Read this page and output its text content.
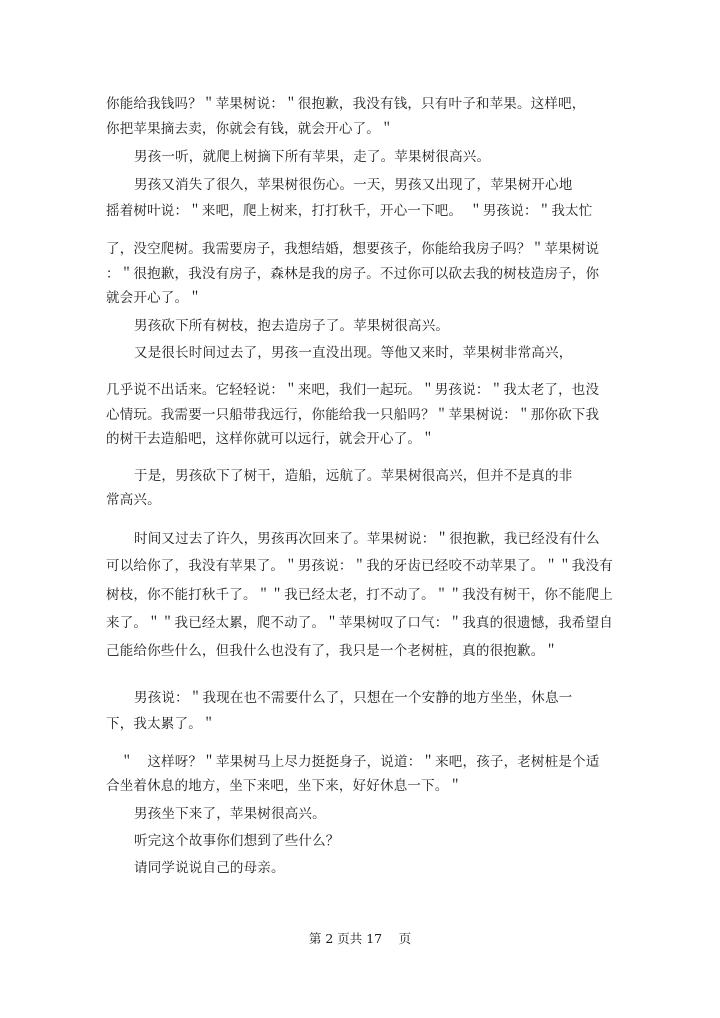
你能给我钱吗？＂苹果树说：＂很抱歉，我没有钱，只有叶子和苹果。这样吧，
你把苹果摘去卖，你就会有钱，就会开心了。＂
男孩一听，就爬上树摘下所有苹果，走了。苹果树很高兴。
男孩又消失了很久，苹果树很伤心。一天，男孩又出现了，苹果树开心地
摇着树叶说：＂来吧，爬上树来，打打秋千，开心一下吧。　＂男孩说：＂我太忙
了，没空爬树。我需要房子，我想结婚，想要孩子，你能给我房子吗？＂苹果树说
：＂很抱歉，我没有房子，森林是我的房子。不过你可以砍去我的树枝造房子，你
就会开心了。＂
男孩砍下所有树枝，抱去造房子了。苹果树很高兴。
又是很长时间过去了，男孩一直没出现。等他又来时，苹果树非常高兴，
几乎说不出话来。它轻轻说：＂来吧，我们一起玩。＂男孩说：＂我太老了，也没
心情玩。我需要一只船带我远行，你能给我一只船吗？＂苹果树说：＂那你砍下我
的树干去造船吧，这样你就可以远行，就会开心了。＂
于是，男孩砍下了树干，造船，远航了。苹果树很高兴，但并不是真的非
常高兴。
时间又过去了许久，男孩再次回来了。苹果树说：＂很抱歉，我已经没有什么
可以给你了，我没有苹果了。＂男孩说：＂我的牙齿已经咬不动苹果了。＂＂我没有
树枝，你不能打秋千了。＂＂我已经太老，打不动了。＂＂我没有树干，你不能爬上
来了。＂＂我已经太累，爬不动了。＂苹果树叹了口气：＂我真的很遗憾，我希望自
己能给你些什么，但我什么也没有了，我只是一个老树桩，真的很抱歉。＂
男孩说：＂我现在也不需要什么了，只想在一个安静的地方坐坐，休息一
下，我太累了。＂
＂　这样呀？＂苹果树马上尽力挺挺身子，说道：＂来吧，孩子，老树桩是个适
合坐着休息的地方，坐下来吧，坐下来，好好休息一下。＂
男孩坐下来了，苹果树很高兴。
听完这个故事你们想到了些什么？
请同学说说自己的母亲。
第 2 页共 17　 页
